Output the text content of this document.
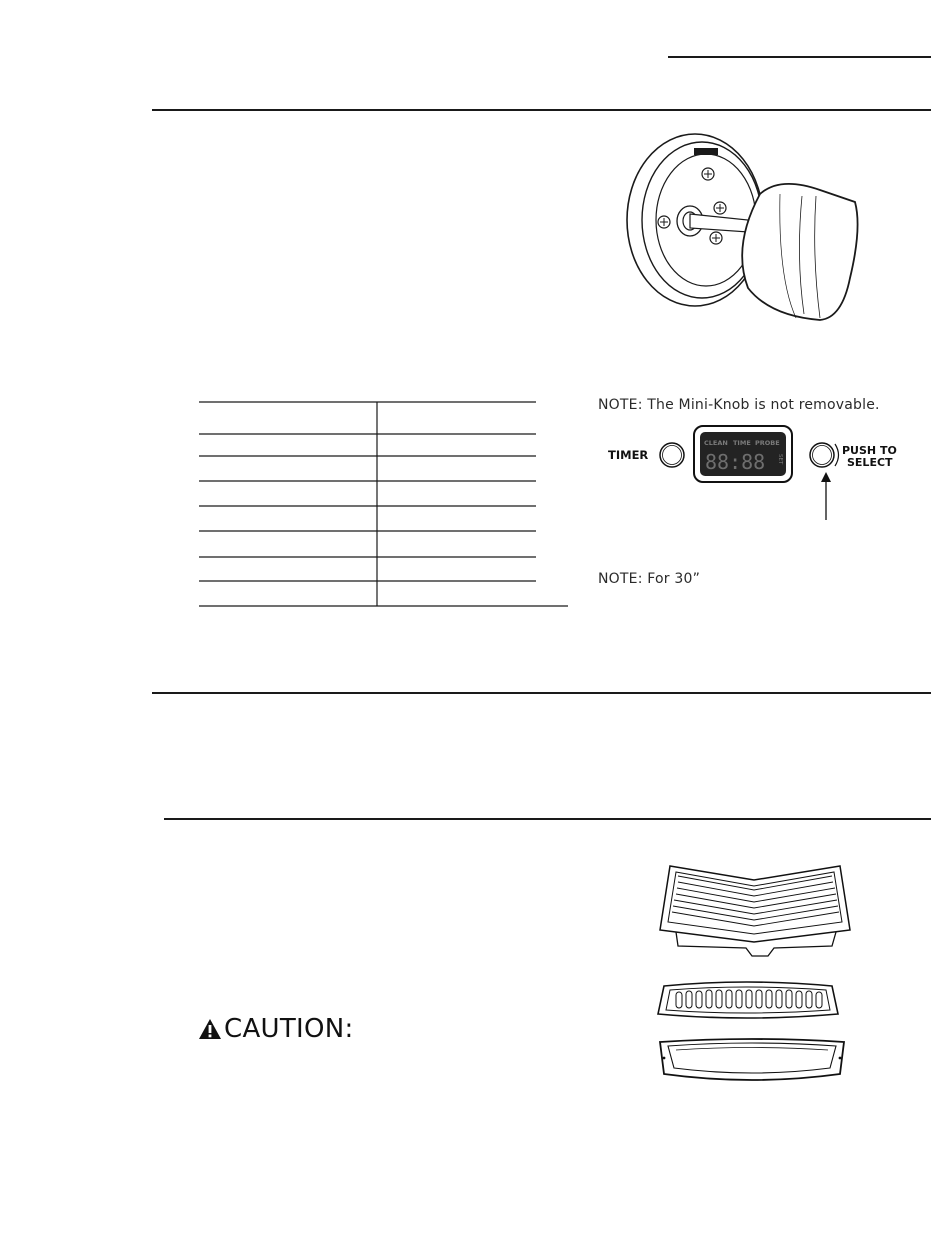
NOTE: The Mini-Knob is not removable.
NOTE: For 30”
TIMER
CLEAN TIME PROBE
88:88 SET
PUSH TO
SELECT
CAUTION:
